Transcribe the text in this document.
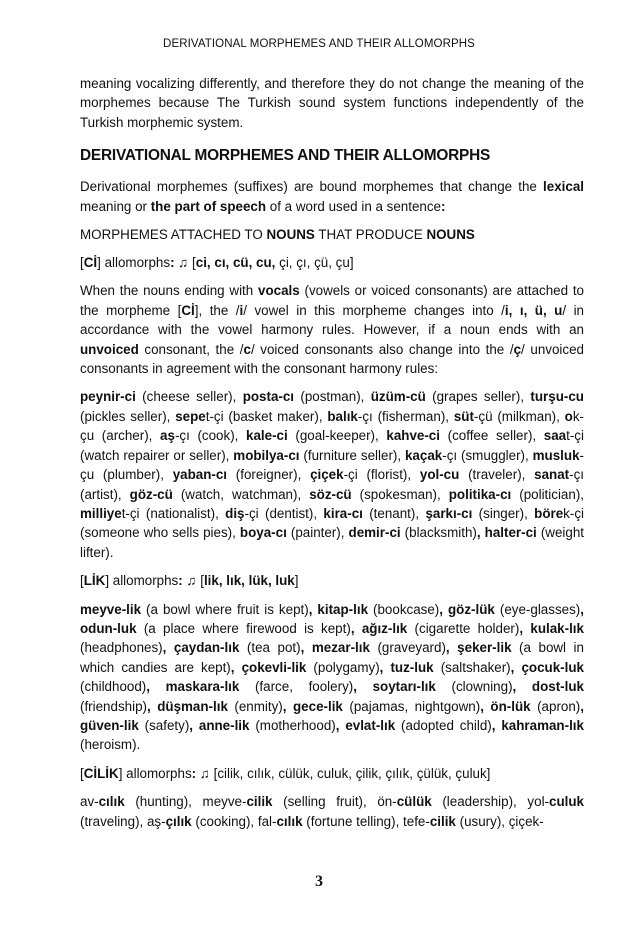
DERIVATIONAL MORPHEMES AND THEIR ALLOMORPHS

meaning vocalizing differently, and therefore they do not change the meaning of the morphemes because The Turkish sound system functions independently of the Turkish morphemic system.

DERIVATIONAL MORPHEMES AND THEIR ALLOMORPHS

Derivational morphemes (suffixes) are bound morphemes that change the lexical meaning or the part of speech of a word used in a sentence:

MORPHEMES ATTACHED TO NOUNS THAT PRODUCE NOUNS

[Cİ] allomorphs: ♫ [ci, cı, cü, cu, çi, çı, çü, çu]

When the nouns ending with vocals (vowels or voiced consonants) are attached to the morpheme [Cİ], the /i/ vowel in this morpheme changes into /i, ı, ü, u/ in accordance with the vowel harmony rules. However, if a noun ends with an unvoiced consonant, the /c/ voiced consonants also change into the /ç/ unvoiced consonants in agreement with the consonant harmony rules:

peynir-ci (cheese seller), posta-cı (postman), üzüm-cü (grapes seller), turşu-cu (pickles seller), sepet-çi (basket maker), balık-çı (fisherman), süt-çü (milkman), ok-çu (archer), aş-çı (cook), kale-ci (goal-keeper), kahve-ci (coffee seller), saat-çi (watch repairer or seller), mobilya-cı (furniture seller), kaçak-çı (smuggler), musluk-çu (plumber), yaban-cı (foreigner), çiçek-çi (florist), yol-cu (traveler), sanat-çı (artist), göz-cü (watch, watchman), söz-cü (spokesman), politika-cı (politician), milliyet-çi (nationalist), diş-çi (dentist), kira-cı (tenant), şarkı-cı (singer), börek-çi (someone who sells pies), boya-cı (painter), demir-ci (blacksmith), halter-ci (weight lifter).

[LİK] allomorphs: ♫ [lik, lık, lük, luk]

meyve-lik (a bowl where fruit is kept), kitap-lık (bookcase), göz-lük (eye-glasses), odun-luk (a place where firewood is kept), ağız-lık (cigarette holder), kulak-lık (headphones), çaydan-lık (tea pot), mezar-lık (graveyard), şeker-lik (a bowl in which candies are kept), çokevli-lik (polygamy), tuz-luk (saltshaker), çocuk-luk (childhood), maskara-lık (farce, foolery), soytarı-lık (clowning), dost-luk (friendship), düşman-lık (enmity), gece-lik (pajamas, nightgown), ön-lük (apron), güven-lik (safety), anne-lik (motherhood), evlat-lık (adopted child), kahraman-lık (heroism).

[CİLİK] allomorphs: ♫ [cilik, cılık, cülük, culuk, çilik, çılık, çülük, çuluk]

av-cılık (hunting), meyve-cilik (selling fruit), ön-cülük (leadership), yol-culuk (traveling), aş-çılık (cooking), fal-cılık (fortune telling), tefe-cilik (usury), çiçek-

3
